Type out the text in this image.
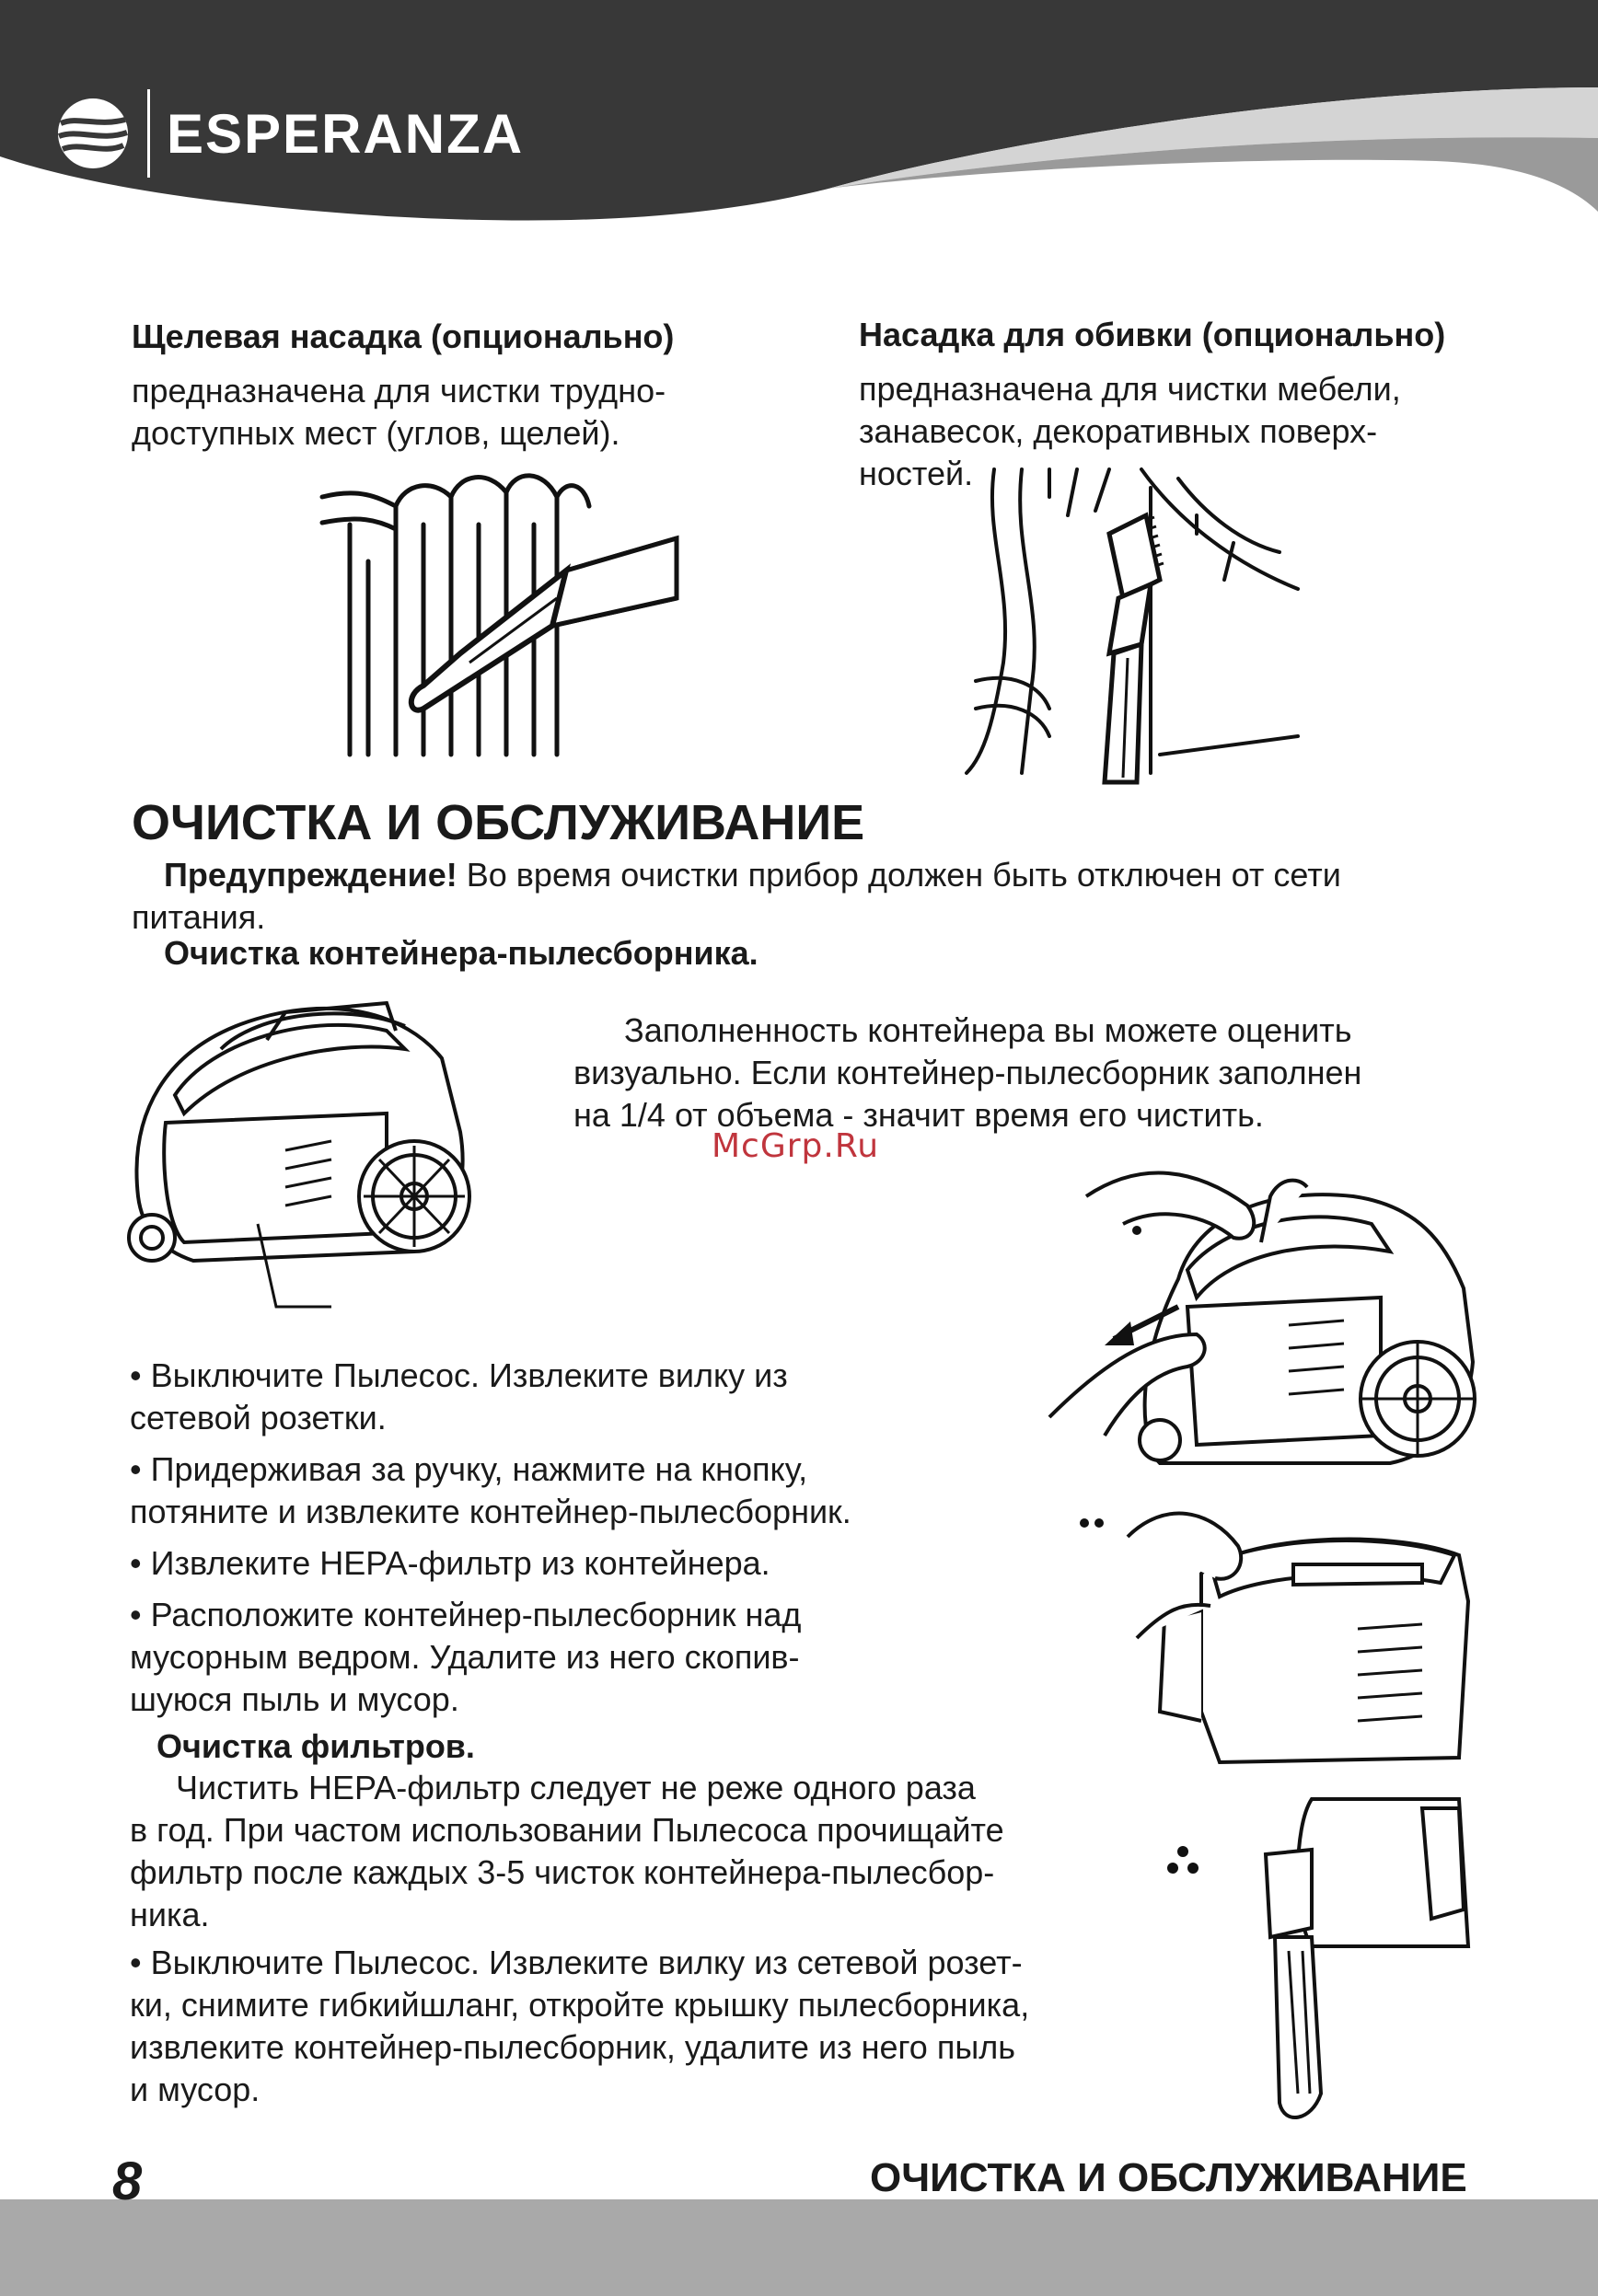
ESPERANZA
Щелевая насадка (опционально)
предназначена для чистки трудно-
доступных мест (углов, щелей).
Насадка для обивки (опционально)
предназначена для чистки мебели,
занавесок, декоративных поверх-
ностей.
ОЧИСТКА И ОБСЛУЖИВАНИЕ
Предупреждение! Во время очистки прибор должен быть отключен от сети
питания.
Очистка контейнера-пылесборника.
Заполненность контейнера вы можете оценить
визуально. Если контейнер-пылесборник заполнен
на 1/4 от объема - значит время его чистить.
McGrp.Ru
• Выключите Пылесос. Извлеките вилку из
сетевой розетки.
• Придерживая за ручку, нажмите на кнопку,
потяните и извлеките контейнер-пылесборник.
• Извлеките HEPA-фильтр из контейнера.
• Расположите контейнер-пылесборник над
мусорным ведром. Удалите из него скопив-
шуюся пыль и мусор.
Очистка фильтров.
Чистить HEPA-фильтр следует не реже одного раза
в год. При частом использовании Пылесоса прочищайте
фильтр после каждых 3-5 чисток контейнера-пылесбор-
ника.
• Выключите Пылесос. Извлеките вилку из сетевой розет-
ки, снимите гибкийшланг, откройте крышку пылесборника,
извлеките контейнер-пылесборник, удалите из него пыль
и мусор.
8	ОЧИСТКА И ОБСЛУЖИВАНИЕ
